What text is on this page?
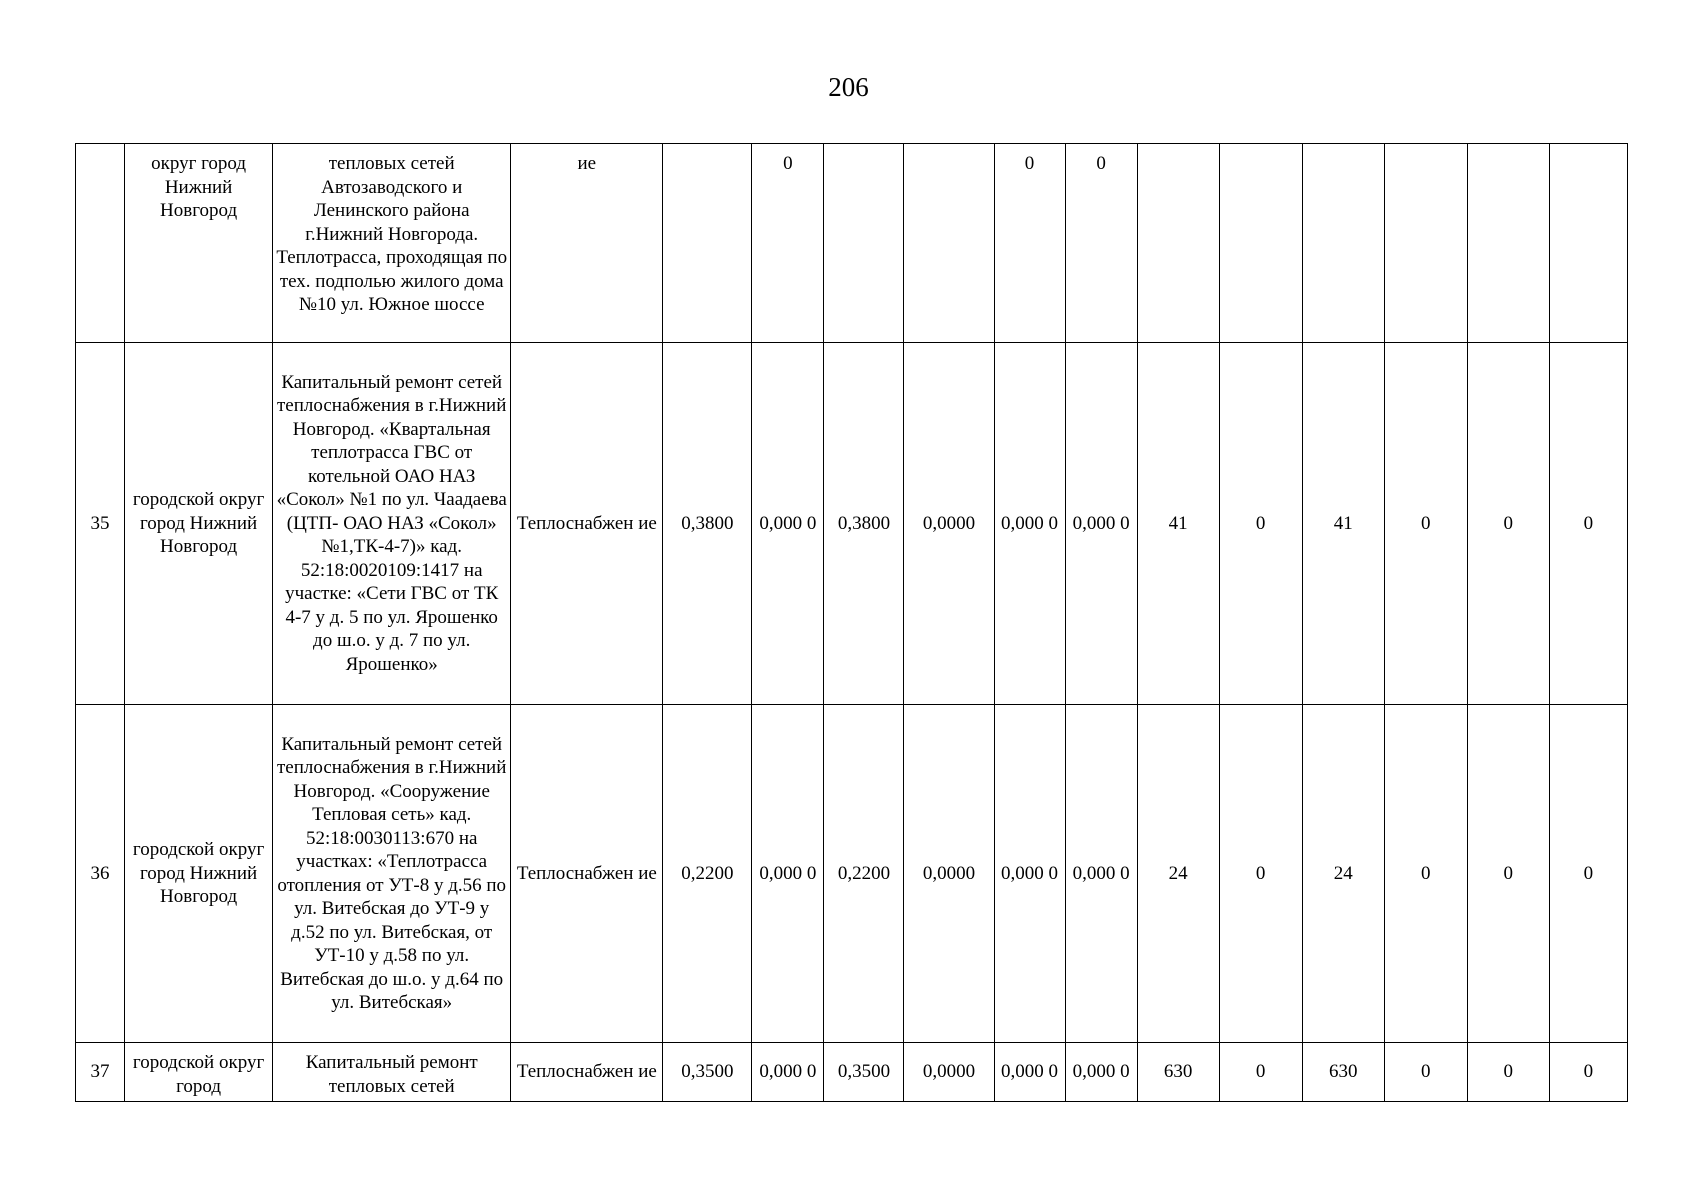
206
	округ город Нижний Новгород	тепловых сетей Автозаводского и Ленинского района г.Нижний Новгорода. Теплотрасса, проходящая по тех. подполью жилого дома №10 ул. Южное шоссе	ие		0			0	0						
35	городской округ город Нижний Новгород	Капитальный ремонт сетей теплоснабжения в г.Нижний Новгород. «Квартальная теплотрасса ГВС от котельной ОАО НАЗ «Сокол» №1 по ул. Чаадаева (ЦТП- ОАО НАЗ «Сокол» №1,ТК-4-7)» кад. 52:18:0020109:1417 на участке: «Сети ГВС от ТК 4-7 у д. 5 по ул. Ярошенко до ш.о. у д. 7 по ул. Ярошенко»	Теплоснабжен ие	0,3800	0,000 0	0,3800	0,0000	0,000 0	0,000 0	41	0	41	0	0	0
36	городской округ город Нижний Новгород	Капитальный ремонт сетей теплоснабжения в г.Нижний Новгород. «Сооружение Тепловая сеть» кад. 52:18:0030113:670 на участках: «Теплотрасса отопления от УТ-8 у д.56 по ул. Витебская до УТ-9 у д.52 по ул. Витебская, от УТ-10 у д.58 по ул. Витебская до ш.о. у д.64 по ул. Витебская»	Теплоснабжен ие	0,2200	0,000 0	0,2200	0,0000	0,000 0	0,000 0	24	0	24	0	0	0
37	городской округ город	Капитальный ремонт тепловых сетей	Теплоснабжен ие	0,3500	0,000 0	0,3500	0,0000	0,000 0	0,000 0	630	0	630	0	0	0
